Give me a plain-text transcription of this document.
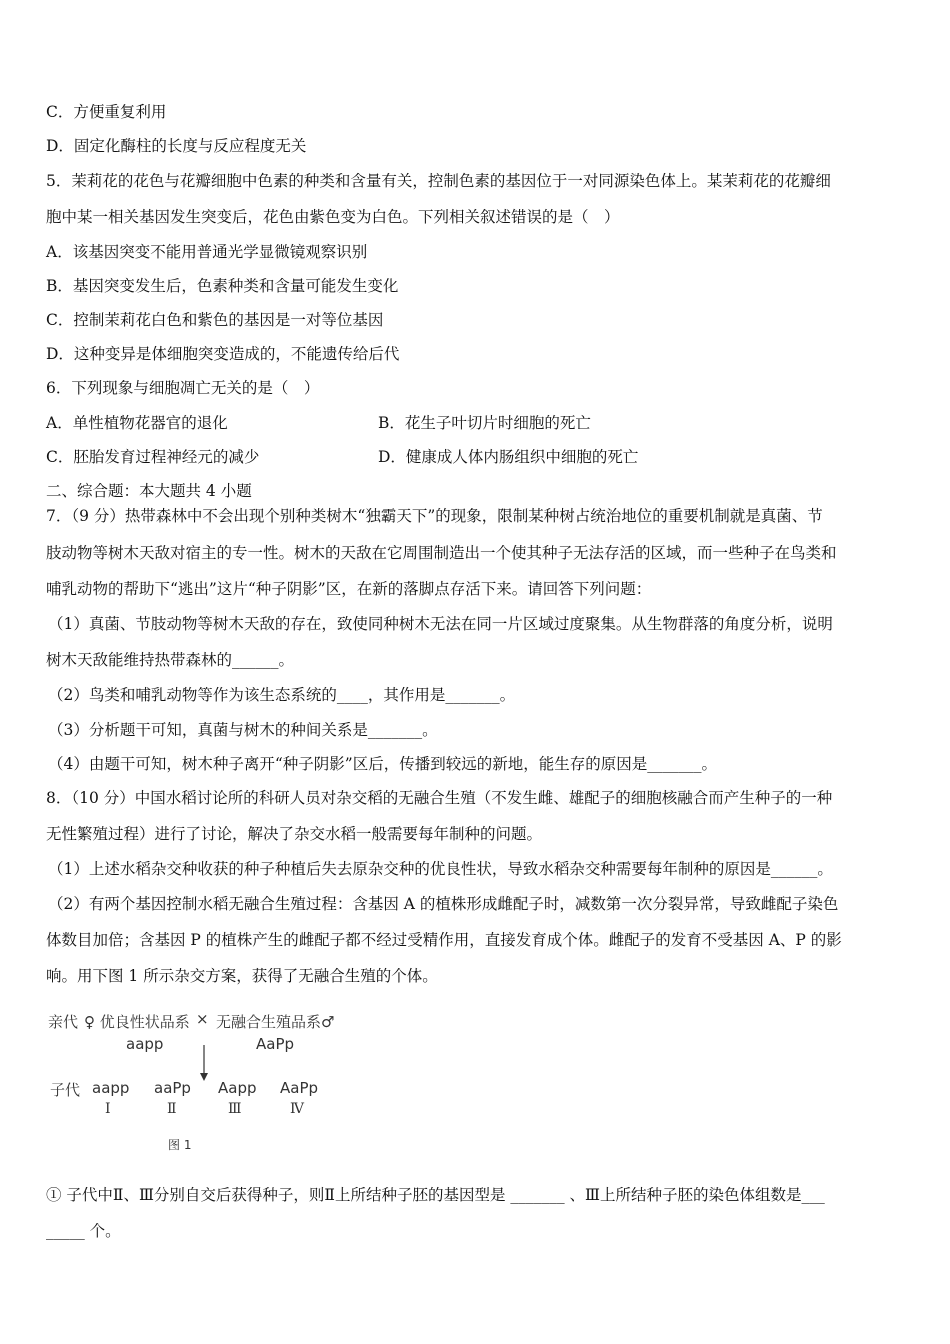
C．方便重复利用
D．固定化酶柱的长度与反应程度无关
5．茉莉花的花色与花瓣细胞中色素的种类和含量有关，控制色素的基因位于一对同源染色体上。某茉莉花的花瓣细
胞中某一相关基因发生突变后，花色由紫色变为白色。下列相关叙述错误的是（　）
A．该基因突变不能用普通光学显微镜观察识别
B．基因突变发生后，色素种类和含量可能发生变化
C．控制茉莉花白色和紫色的基因是一对等位基因
D．这种变异是体细胞突变造成的，不能遗传给后代
6．下列现象与细胞凋亡无关的是（　）
A．单性植物花器官的退化	B．花生子叶切片时细胞的死亡
C．胚胎发育过程神经元的减少	D．健康成人体内肠组织中细胞的死亡
二、综合题：本大题共 4 小题
7．（9 分）热带森林中不会出现个别种类树木“独霸天下”的现象，限制某种树占统治地位的重要机制就是真菌、节
肢动物等树木天敌对宿主的专一性。树木的天敌在它周围制造出一个使其种子无法存活的区域，而一些种子在鸟类和
哺乳动物的帮助下“逃出”这片“种子阴影”区，在新的落脚点存活下来。请回答下列问题：
（1）真菌、节肢动物等树木天敌的存在，致使同种树木无法在同一片区域过度聚集。从生物群落的角度分析，说明
树木天敌能维持热带森林的______。
（2）鸟类和哺乳动物等作为该生态系统的____，其作用是_______。
（3）分析题干可知，真菌与树木的种间关系是_______。
（4）由题干可知，树木种子离开“种子阴影”区后，传播到较远的新地，能生存的原因是_______。
8．（10 分）中国水稻讨论所的科研人员对杂交稻的无融合生殖（不发生雌、雄配子的细胞核融合而产生种子的一种
无性繁殖过程）进行了讨论，解决了杂交水稻一般需要每年制种的问题。
（1）上述水稻杂交种收获的种子种植后失去原杂交种的优良性状，导致水稻杂交种需要每年制种的原因是______。
（2）有两个基因控制水稻无融合生殖过程：含基因 A 的植株形成雌配子时，减数第一次分裂异常，导致雌配子染色
体数目加倍；含基因 P 的植株产生的雌配子都不经过受精作用，直接发育成个体。雌配子的发育不受基因 A、P 的影
响。用下图 1 所示杂交方案，获得了无融合生殖的个体。
亲代 ♀ 优良性状品系 × 无融合生殖品系♂
aapp	AaPp
子代 aapp aaPp Aapp AaPp
Ⅰ	Ⅱ	Ⅲ	Ⅳ
图 1
① 子代中Ⅱ、Ⅲ分别自交后获得种子，则Ⅱ上所结种子胚的基因型是 _______ 、Ⅲ上所结种子胚的染色体组数是___
_____ 个。
